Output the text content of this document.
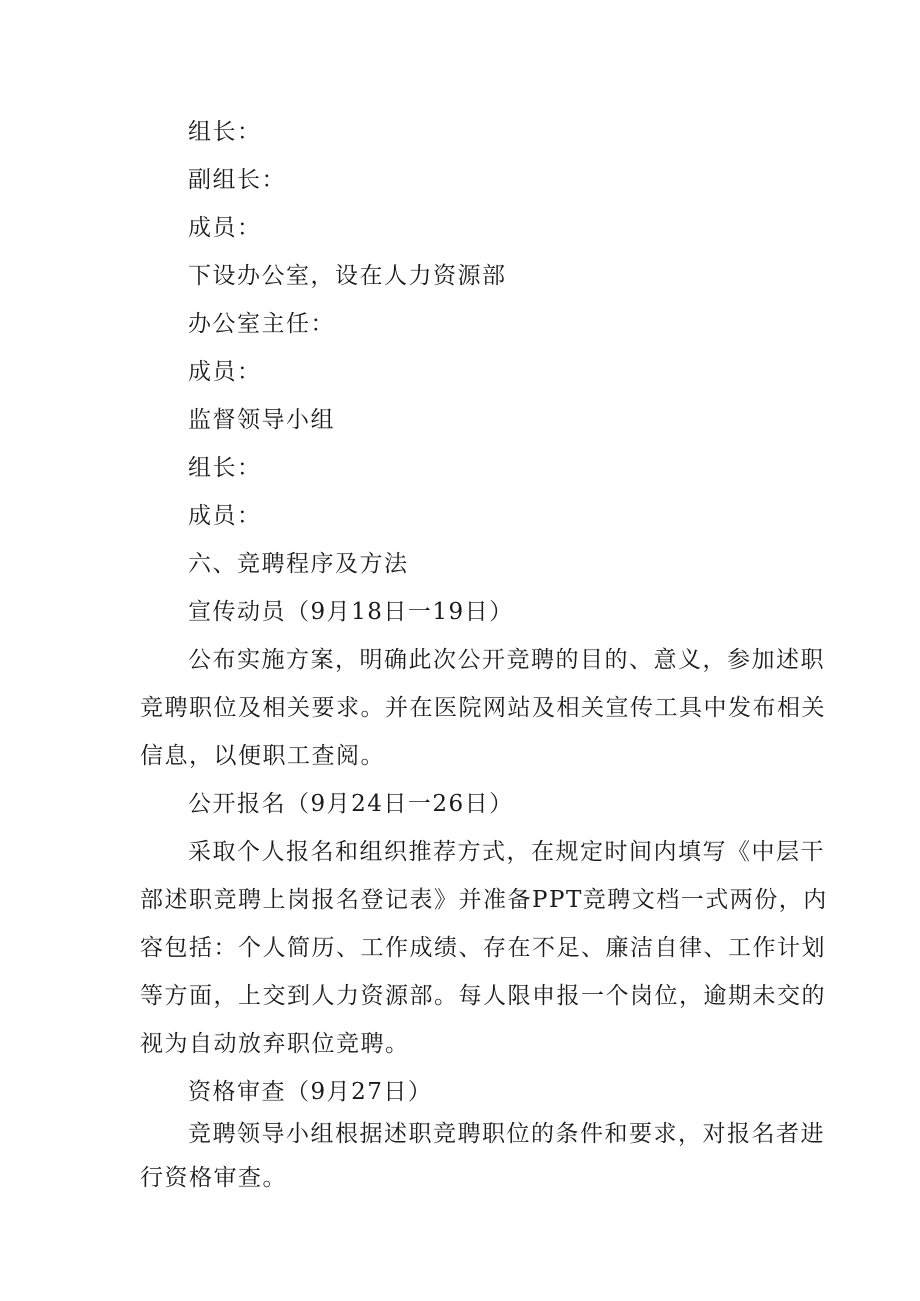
组长：
副组长：
成员：
下设办公室，设在人力资源部
办公室主任：
成员：
监督领导小组
组长：
成员：
六、竞聘程序及方法
宣传动员（9月18日一19日）
公布实施方案，明确此次公开竞聘的目的、意义，参加述职
竞聘职位及相关要求。并在医院网站及相关宣传工具中发布相关
信息，以便职工查阅。
公开报名（9月24日一26日）
采取个人报名和组织推荐方式，在规定时间内填写《中层干
部述职竞聘上岗报名登记表》并准备PPT竞聘文档一式两份，内
容包括：个人简历、工作成绩、存在不足、廉洁自律、工作计划
等方面，上交到人力资源部。每人限申报一个岗位，逾期未交的
视为自动放弃职位竞聘。
资格审查（9月27日）
竞聘领导小组根据述职竞聘职位的条件和要求，对报名者进
行资格审查。
